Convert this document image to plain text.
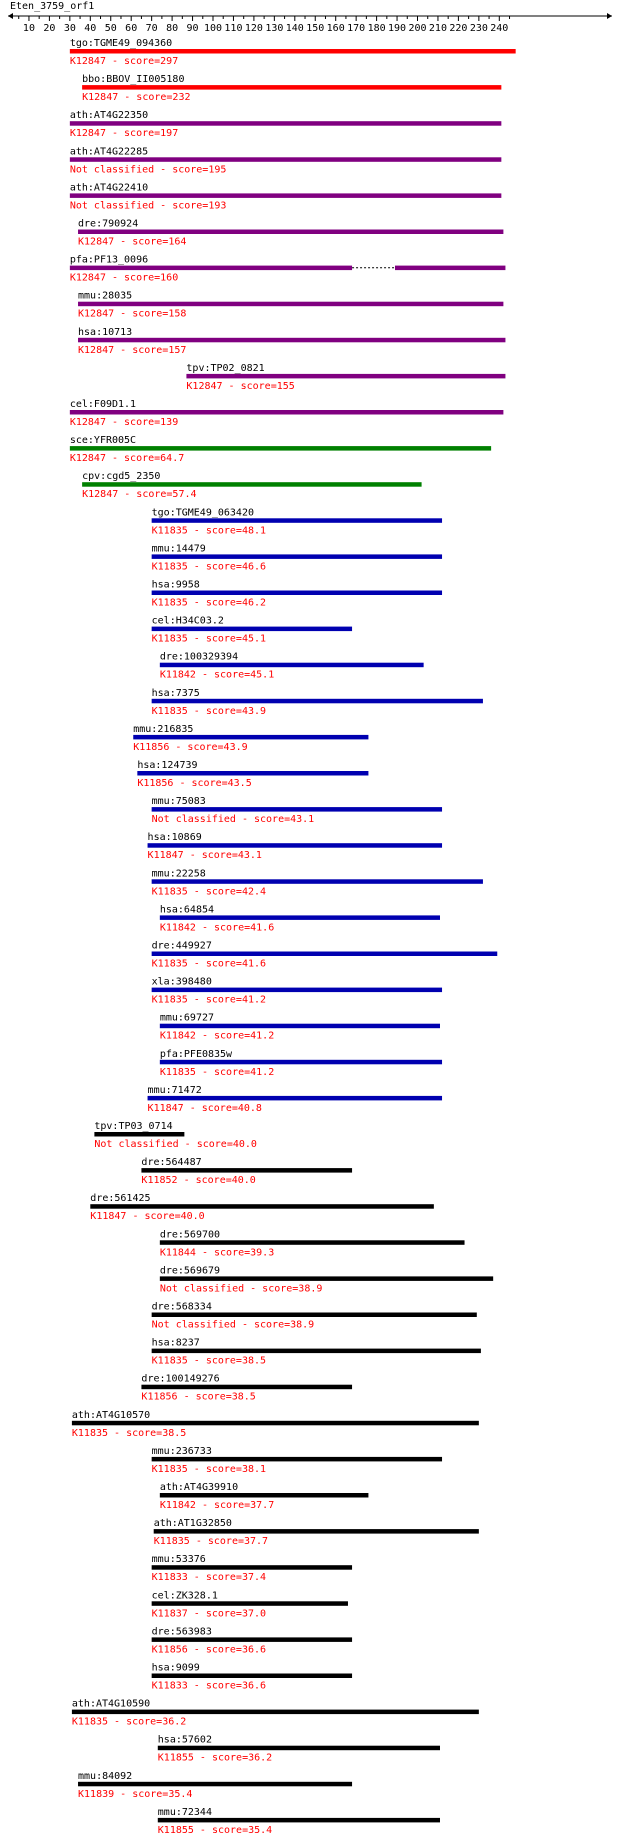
Eten_3759_orf1
10 20 30 40 50 60 70 80 90 100 110 120 130 140 150 160 170 180 190 200 210 220 230 240
tgo:TGME49_094360
K12847 - score=297
bbo:BBOV_II005180
K12847 - score=232
ath:AT4G22350
K12847 - score=197
ath:AT4G22285
Not classified - score=195
ath:AT4G22410
Not classified - score=193
dre:790924
K12847 - score=164
pfa:PF13_0096
K12847 - score=160
mmu:28035
K12847 - score=158
hsa:10713
K12847 - score=157
tpv:TP02_0821
K12847 - score=155
cel:F09D1.1
K12847 - score=139
sce:YFR005C
K12847 - score=64.7
cpv:cgd5_2350
K12847 - score=57.4
tgo:TGME49_063420
K11835 - score=48.1
mmu:14479
K11835 - score=46.6
hsa:9958
K11835 - score=46.2
cel:H34C03.2
K11835 - score=45.1
dre:100329394
K11842 - score=45.1
hsa:7375
K11835 - score=43.9
mmu:216835
K11856 - score=43.9
hsa:124739
K11856 - score=43.5
mmu:75083
Not classified - score=43.1
hsa:10869
K11847 - score=43.1
mmu:22258
K11835 - score=42.4
hsa:64854
K11842 - score=41.6
dre:449927
K11835 - score=41.6
xla:398480
K11835 - score=41.2
mmu:69727
K11842 - score=41.2
pfa:PFE0835w
K11835 - score=41.2
mmu:71472
K11847 - score=40.8
tpv:TP03_0714
Not classified - score=40.0
dre:564487
K11852 - score=40.0
dre:561425
K11847 - score=40.0
dre:569700
K11844 - score=39.3
dre:569679
Not classified - score=38.9
dre:568334
Not classified - score=38.9
hsa:8237
K11835 - score=38.5
dre:100149276
K11856 - score=38.5
ath:AT4G10570
K11835 - score=38.5
mmu:236733
K11835 - score=38.1
ath:AT4G39910
K11842 - score=37.7
ath:AT1G32850
K11835 - score=37.7
mmu:53376
K11833 - score=37.4
cel:ZK328.1
K11837 - score=37.0
dre:563983
K11856 - score=36.6
hsa:9099
K11833 - score=36.6
ath:AT4G10590
K11835 - score=36.2
hsa:57602
K11855 - score=36.2
mmu:84092
K11839 - score=35.4
mmu:72344
K11855 - score=35.4
